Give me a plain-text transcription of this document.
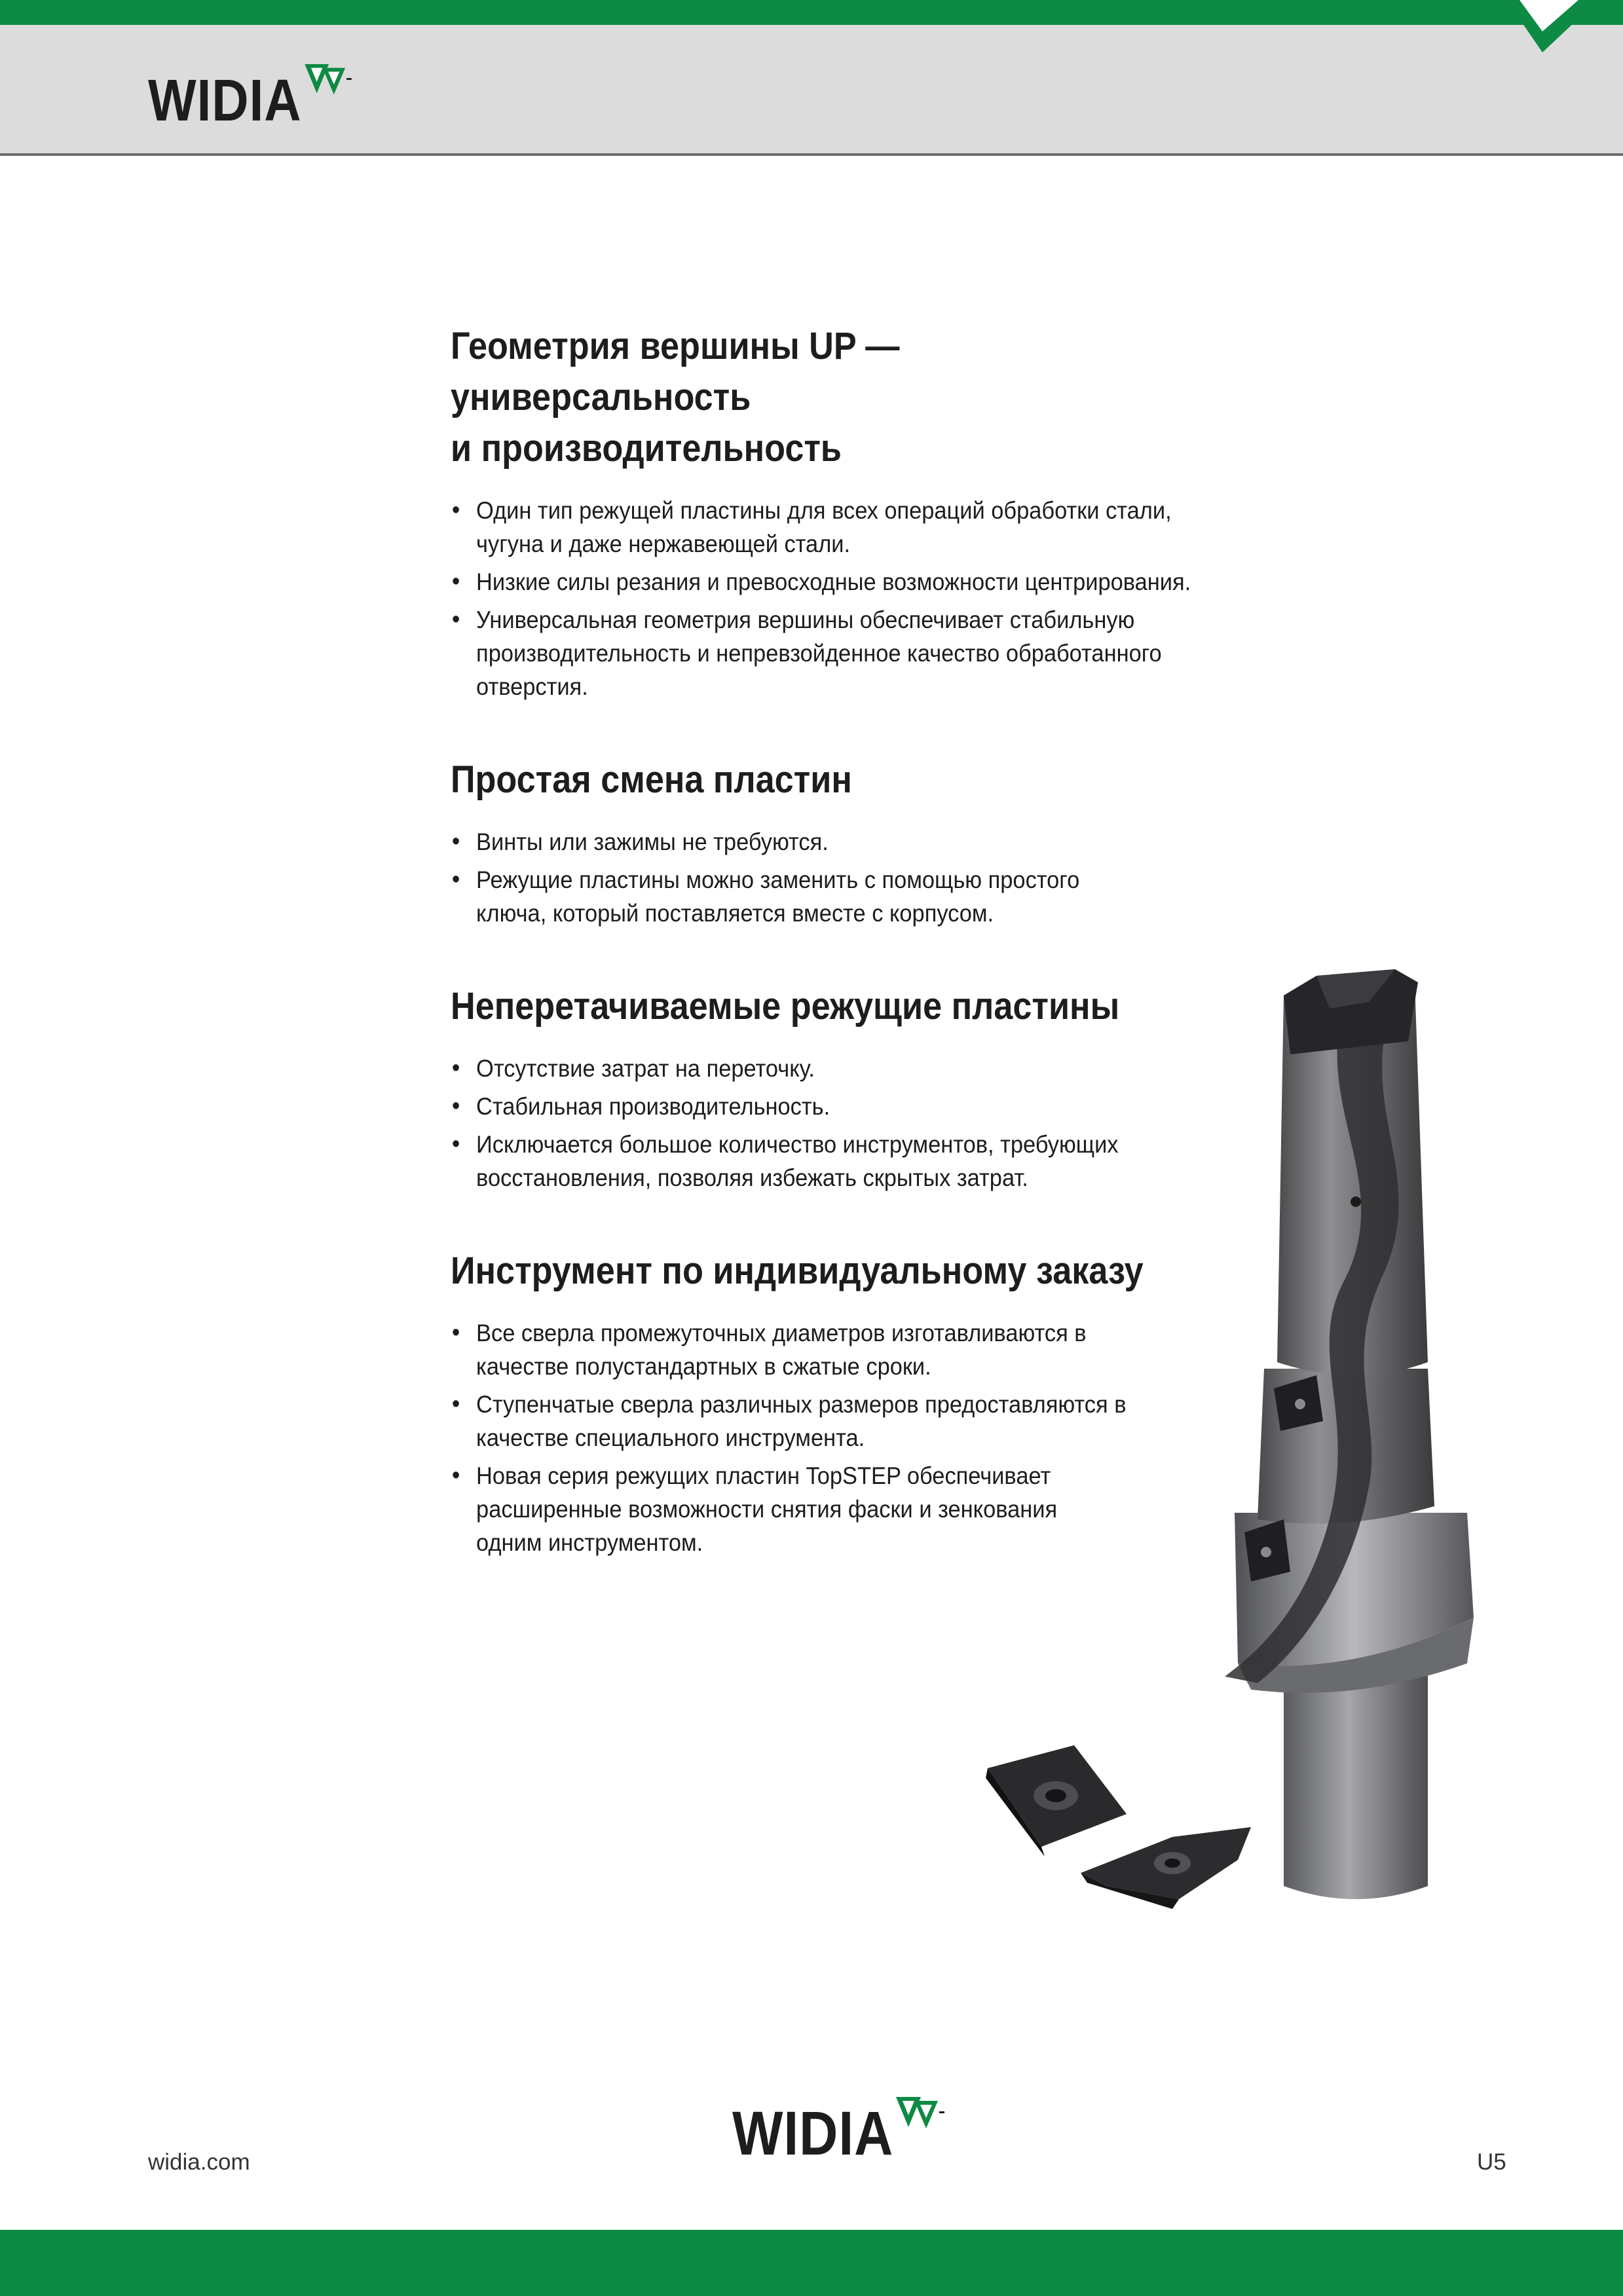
WIDIA
Геометрия вершины UP — универсальность
и производительность
• Один тип режущей пластины для всех операций обработки стали,
чугуна и даже нержавеющей стали.
• Низкие силы резания и превосходные возможности центрирования.
• Универсальная геометрия вершины обеспечивает стабильную
производительность и непревзойденное качество обработанного
отверстия.
Простая смена пластин
• Винты или зажимы не требуются.
• Режущие пластины можно заменить с помощью простого
ключа, который поставляется вместе с корпусом.
Неперетачиваемые режущие пластины
• Отсутствие затрат на переточку.
• Стабильная производительность.
• Исключается большое количество инструментов, требующих
восстановления, позволяя избежать скрытых затрат.
Инструмент по индивидуальному заказу
• Все сверла промежуточных диаметров изготавливаются в
качестве полустандартных в сжатые сроки.
• Ступенчатые сверла различных размеров предоставляются в
качестве специального инструмента.
• Новая серия режущих пластин TopSTEP обеспечивает
расширенные возможности снятия фаски и зенкования
одним инструментом.
widia.com	WIDIA	U5
